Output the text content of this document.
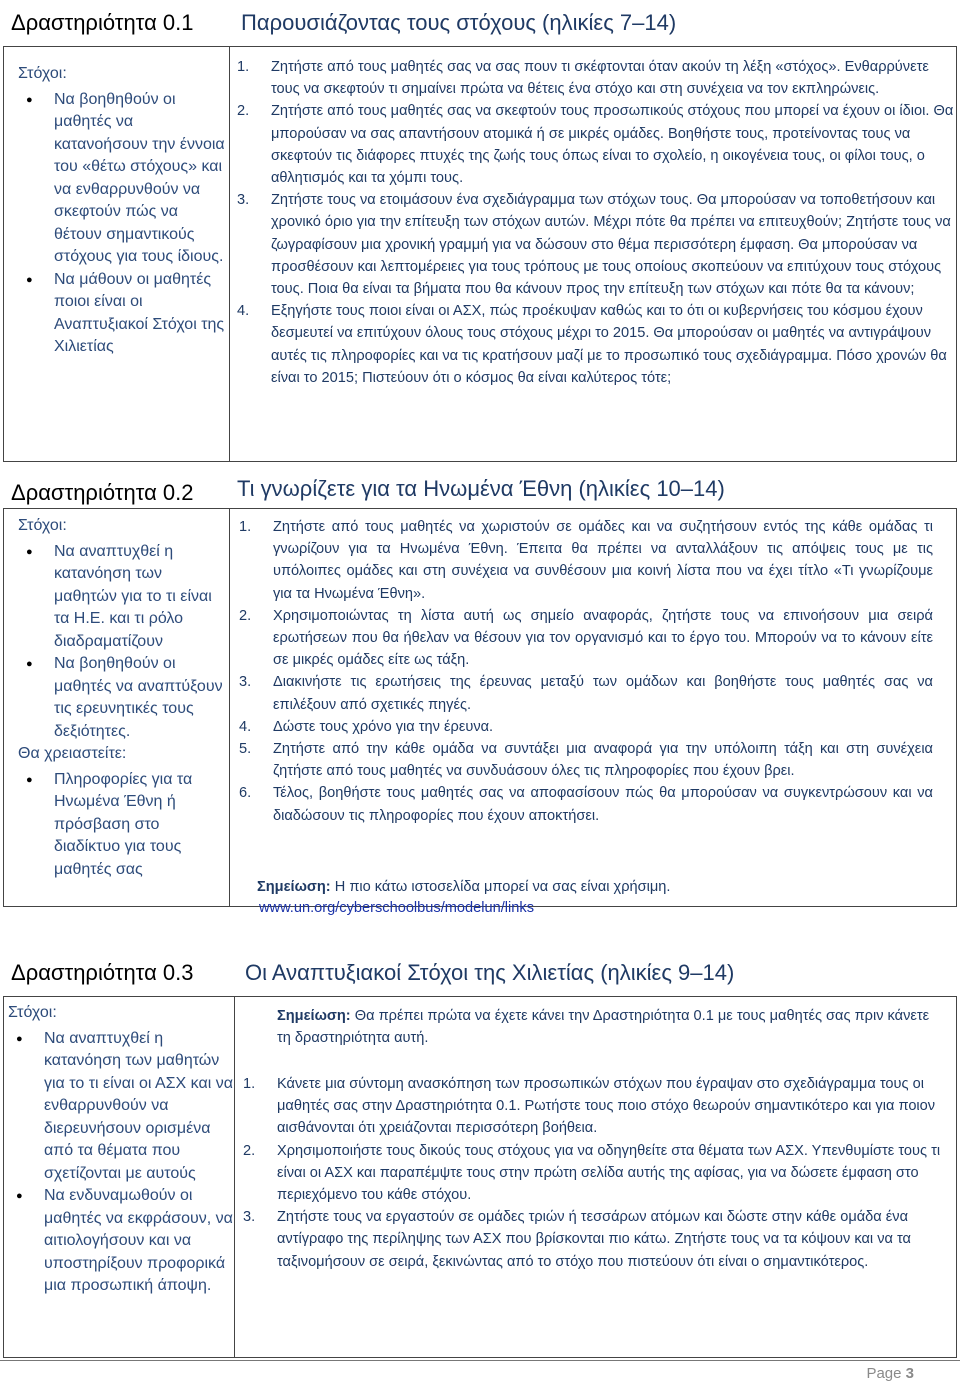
Δραστηριότητα 0.1 Παρουσιάζοντας τους στόχους (ηλικίες 7–14)
Στόχοι:
● Να βοηθηθούν οι μαθητές να κατανοήσουν την έννοια του «θέτω στόχους» και να ενθαρρυνθούν να σκεφτούν πώς να θέτουν σημαντικούς στόχους για τους ίδιους.
● Να μάθουν οι μαθητές ποιοι είναι οι Αναπτυξιακοί Στόχοι της Χιλιετίας
1. Ζητήστε από τους μαθητές σας να σας πουν τι σκέφτονται όταν ακούν τη λέξη «στόχος». Ενθαρρύνετε τους να σκεφτούν τι σημαίνει πρώτα να θέτεις ένα στόχο και στη συνέχεια να τον εκπληρώνεις.
2. Ζητήστε από τους μαθητές σας να σκεφτούν τους προσωπικούς στόχους που μπορεί να έχουν οι ίδιοι. Θα μπορούσαν να σας απαντήσουν ατομικά ή σε μικρές ομάδες. Βοηθήστε τους, προτείνοντας τους να σκεφτούν τις διάφορες πτυχές της ζωής τους όπως είναι το σχολείο, η οικογένεια τους, οι φίλοι τους, ο αθλητισμός και τα χόμπι τους.
3. Ζητήστε τους να ετοιμάσουν ένα σχεδιάγραμμα των στόχων τους. Θα μπορούσαν να τοποθετήσουν και χρονικό όριο για την επίτευξη των στόχων αυτών. Μέχρι πότε θα πρέπει να επιτευχθούν; Ζητήστε τους να ζωγραφίσουν μια χρονική γραμμή για να δώσουν στο θέμα περισσότερη έμφαση. Θα μπορούσαν να προσθέσουν και λεπτομέρειες για τους τρόπους με τους οποίους σκοπεύουν να επιτύχουν τους στόχους τους. Ποια θα είναι τα βήματα που θα κάνουν προς την επίτευξη των στόχων και πότε θα τα κάνουν;
4. Εξηγήστε τους ποιοι είναι οι ΑΣΧ, πώς προέκυψαν καθώς και το ότι οι κυβερνήσεις του κόσμου έχουν δεσμευτεί να επιτύχουν όλους τους στόχους μέχρι το 2015. Θα μπορούσαν οι μαθητές να αντιγράψουν αυτές τις πληροφορίες και να τις κρατήσουν μαζί με το προσωπικό τους σχεδιάγραμμα. Πόσο χρονών θα είναι το 2015; Πιστεύουν ότι ο κόσμος θα είναι καλύτερος τότε;
Δραστηριότητα 0.2 Τι γνωρίζετε για τα Ηνωμένα Έθνη (ηλικίες 10–14)
Στόχοι:
● Να αναπτυχθεί η κατανόηση των μαθητών για το τι είναι τα Η.Ε. και τι ρόλο διαδραματίζουν
● Να βοηθηθούν οι μαθητές να αναπτύξουν τις ερευνητικές τους δεξιότητες.
Θα χρειαστείτε:
● Πληροφορίες για τα Ηνωμένα Έθνη ή πρόσβαση στο διαδίκτυο για τους μαθητές σας
1. Ζητήστε από τους μαθητές να χωριστούν σε ομάδες και να συζητήσουν εντός της κάθε ομάδας τι γνωρίζουν για τα Ηνωμένα Έθνη. Έπειτα θα πρέπει να ανταλλάξουν τις απόψεις τους με τις υπόλοιπες ομάδες και στη συνέχεια να συνθέσουν μια κοινή λίστα που να έχει τίτλο «Τι γνωρίζουμε για τα Ηνωμένα Έθνη».
2. Χρησιμοποιώντας τη λίστα αυτή ως σημείο αναφοράς, ζητήστε τους να επινοήσουν μια σειρά ερωτήσεων που θα ήθελαν να θέσουν για τον οργανισμό και το έργο του. Μπορούν να το κάνουν είτε σε μικρές ομάδες είτε ως τάξη.
3. Διακινήστε τις ερωτήσεις της έρευνας μεταξύ των ομάδων και βοηθήστε τους μαθητές σας να επιλέξουν από σχετικές πηγές.
4. Δώστε τους χρόνο για την έρευνα.
5. Ζητήστε από την κάθε ομάδα να συντάξει μια αναφορά για την υπόλοιπη τάξη και στη συνέχεια ζητήστε από τους μαθητές να συνδυάσουν όλες τις πληροφορίες που έχουν βρει.
6. Τέλος, βοηθήστε τους μαθητές σας να αποφασίσουν πώς θα μπορούσαν να συγκεντρώσουν και να διαδώσουν τις πληροφορίες που έχουν αποκτήσει.
Σημείωση: Η πιο κάτω ιστοσελίδα μπορεί να σας είναι χρήσιμη.
www.un.org/cyberschoolbus/modelun/links
Δραστηριότητα 0.3 Οι Αναπτυξιακοί Στόχοι της Χιλιετίας (ηλικίες 9–14)
Στόχοι:
● Να αναπτυχθεί η κατανόηση των μαθητών για το τι είναι οι ΑΣΧ και να ενθαρρυνθούν να διερευνήσουν ορισμένα από τα θέματα που σχετίζονται με αυτούς
● Να ενδυναμωθούν οι μαθητές να εκφράσουν, να αιτιολογήσουν και να υποστηρίξουν προφορικά μια προσωπική άποψη.
Σημείωση: Θα πρέπει πρώτα να έχετε κάνει την Δραστηριότητα 0.1 με τους μαθητές σας πριν κάνετε τη δραστηριότητα αυτή.
1. Κάνετε μια σύντομη ανασκόπηση των προσωπικών στόχων που έγραψαν στο σχεδιάγραμμα τους οι μαθητές σας στην Δραστηριότητα 0.1. Ρωτήστε τους ποιο στόχο θεωρούν σημαντικότερο και για ποιον αισθάνονται ότι χρειάζονται περισσότερη βοήθεια.
2. Χρησιμοποιήστε τους δικούς τους στόχους για να οδηγηθείτε στα θέματα των ΑΣΧ. Υπενθυμίστε τους τι είναι οι ΑΣΧ και παραπέμψτε τους στην πρώτη σελίδα αυτής της αφίσας, για να δώσετε έμφαση στο περιεχόμενο του κάθε στόχου.
3. Ζητήστε τους να εργαστούν σε ομάδες τριών ή τεσσάρων ατόμων και δώστε στην κάθε ομάδα ένα αντίγραφο της περίληψης των ΑΣΧ που βρίσκονται πιο κάτω. Ζητήστε τους να τα κόψουν και να τα ταξινομήσουν σε σειρά, ξεκινώντας από το στόχο που πιστεύουν ότι είναι ο σημαντικότερος.
Page 3
